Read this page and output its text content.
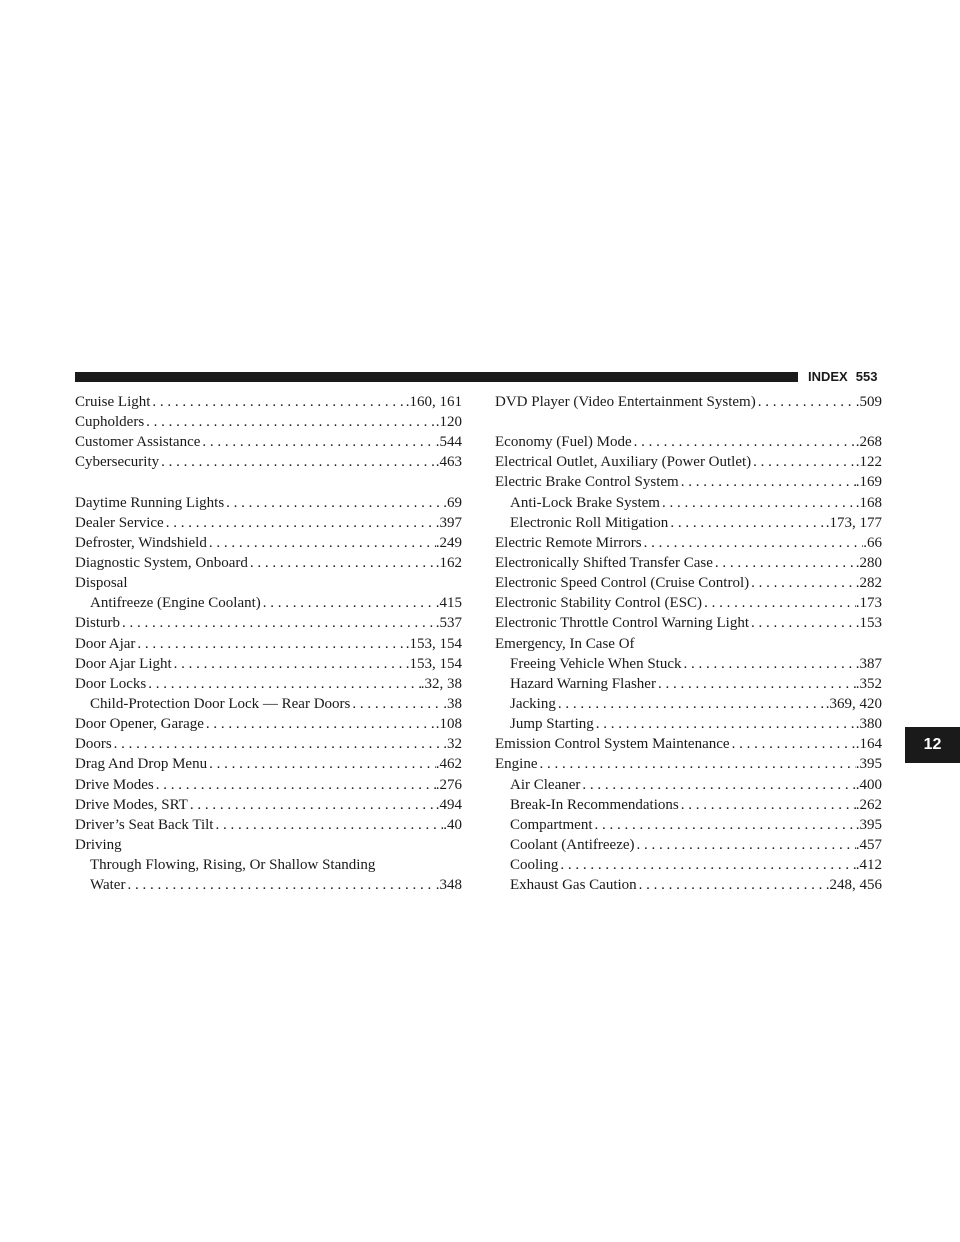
INDEX 553
12
Cruise Light . . .	.160, 161
Cupholders . . .	.120
Customer Assistance . . .	.544
Cybersecurity . . .	.463
Daytime Running Lights . . .	.69
Dealer Service . . .	.397
Defroster, Windshield . . .	.249
Diagnostic System, Onboard . . .	.162
Disposal
Antifreeze (Engine Coolant) . . .	.415
Disturb . . .	.537
Door Ajar . . .	.153, 154
Door Ajar Light . . .	.153, 154
Door Locks . . .	.32, 38
Child-Protection Door Lock — Rear Doors . . .	.38
Door Opener, Garage . . .	.108
Doors . . .	.32
Drag And Drop Menu . . .	.462
Drive Modes . . .	.276
Drive Modes, SRT . . .	.494
Driver’s Seat Back Tilt . . .	.40
Driving
Through Flowing, Rising, Or Shallow Standing
Water . . .	.348
DVD Player (Video Entertainment System) . . .	.509
Economy (Fuel) Mode . . .	.268
Electrical Outlet, Auxiliary (Power Outlet) . . .	.122
Electric Brake Control System . . .	.169
Anti-Lock Brake System . . .	.168
Electronic Roll Mitigation . . .	.173, 177
Electric Remote Mirrors . . .	.66
Electronically Shifted Transfer Case . . .	.280
Electronic Speed Control (Cruise Control) . . .	.282
Electronic Stability Control (ESC) . . .	.173
Electronic Throttle Control Warning Light . . .	.153
Emergency, In Case Of
Freeing Vehicle When Stuck . . .	.387
Hazard Warning Flasher . . .	.352
Jacking . . .	.369, 420
Jump Starting . . .	.380
Emission Control System Maintenance . . .	.164
Engine . . .	.395
Air Cleaner . . .	.400
Break-In Recommendations . . .	.262
Compartment . . .	.395
Coolant (Antifreeze) . . .	.457
Cooling . . .	.412
Exhaust Gas Caution . . .	.248, 456
